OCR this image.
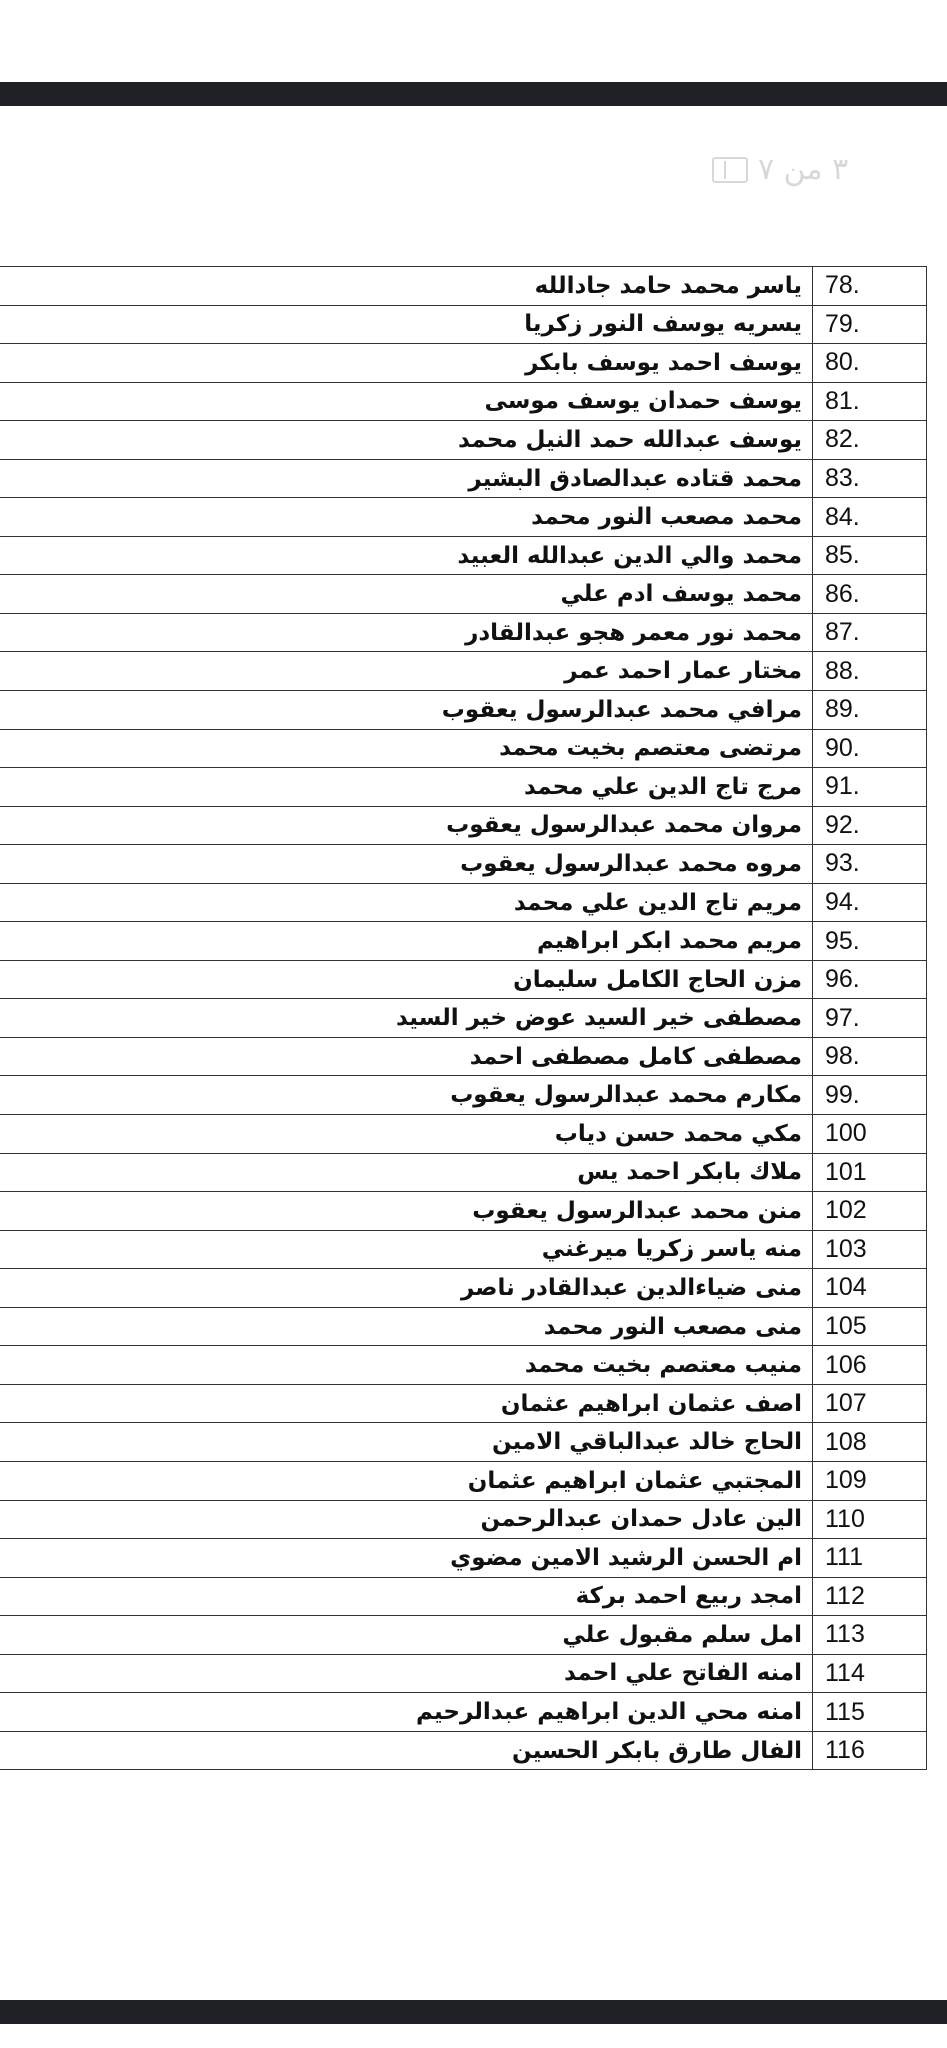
٣ من ٧
ياسر محمد حامد جادالله	78.
يسريه يوسف النور زكريا	79.
يوسف احمد يوسف بابكر	80.
يوسف حمدان يوسف موسى	81.
يوسف عبدالله حمد النيل محمد	82.
محمد قتاده عبدالصادق البشير	83.
محمد مصعب النور محمد	84.
محمد والي الدين عبدالله العبيد	85.
محمد يوسف ادم علي	86.
محمد نور معمر هجو عبدالقادر	87.
مختار عمار احمد عمر	88.
مرافي محمد عبدالرسول يعقوب	89.
مرتضى معتصم بخيت محمد	90.
مرج تاج الدين علي محمد	91.
مروان محمد عبدالرسول يعقوب	92.
مروه محمد عبدالرسول يعقوب	93.
مريم تاج الدين علي محمد	94.
مريم محمد ابكر ابراهيم	95.
مزن الحاج الكامل سليمان	96.
مصطفى خير السيد عوض خير السيد	97.
مصطفى كامل مصطفى احمد	98.
مكارم محمد عبدالرسول يعقوب	99.
مكي محمد حسن دياب	100
ملاك بابكر احمد يس	101
منن محمد عبدالرسول يعقوب	102
منه ياسر زكريا ميرغني	103
منى ضياءالدين عبدالقادر ناصر	104
منى مصعب النور محمد	105
منيب معتصم بخيت محمد	106
اصف عثمان ابراهيم عثمان	107
الحاج خالد عبدالباقي الامين	108
المجتبي عثمان ابراهيم عثمان	109
الين عادل حمدان عبدالرحمن	110
ام الحسن الرشيد الامين مضوي	111
امجد ربيع احمد بركة	112
امل سلم مقبول علي	113
امنه الفاتح علي احمد	114
امنه محي الدين ابراهيم عبدالرحيم	115
الفال طارق بابكر الحسين	116
